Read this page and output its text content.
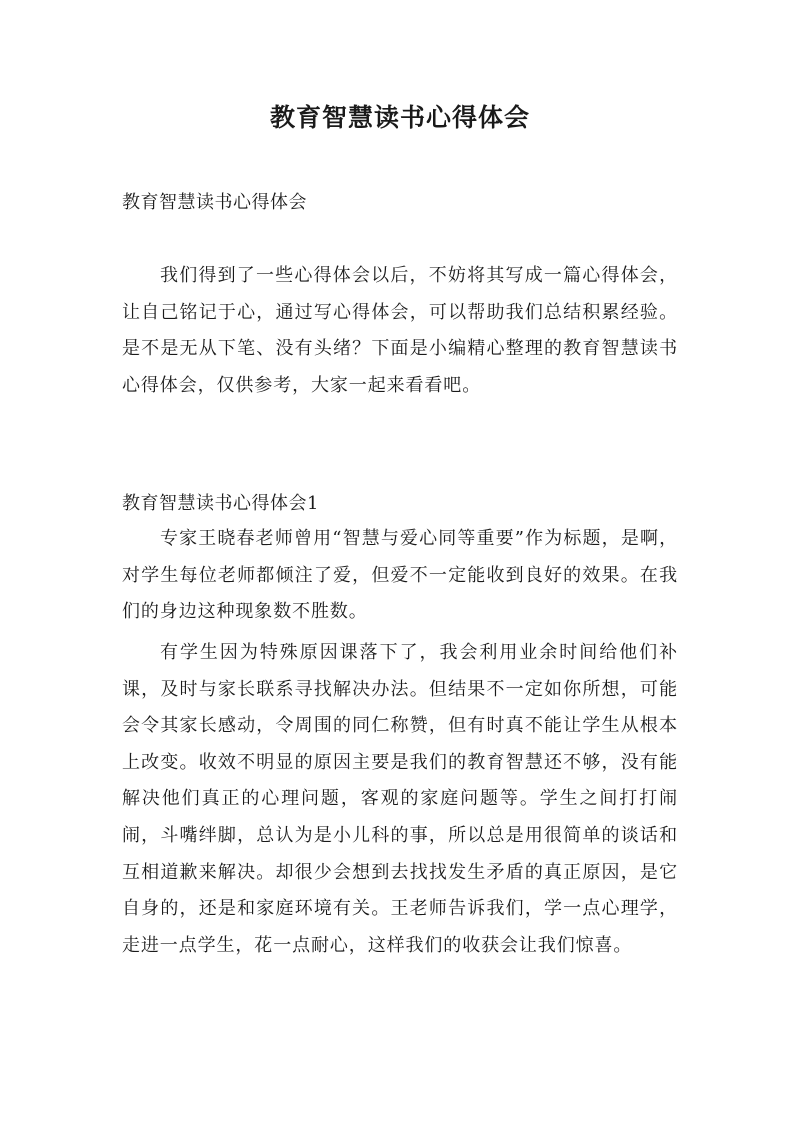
教育智慧读书心得体会
教育智慧读书心得体会
我们得到了一些心得体会以后，不妨将其写成一篇心得体会，让自己铭记于心，通过写心得体会，可以帮助我们总结积累经验。是不是无从下笔、没有头绪？下面是小编精心整理的教育智慧读书心得体会，仅供参考，大家一起来看看吧。
教育智慧读书心得体会1
专家王晓春老师曾用“智慧与爱心同等重要”作为标题，是啊，对学生每位老师都倾注了爱，但爱不一定能收到良好的效果。在我们的身边这种现象数不胜数。
有学生因为特殊原因课落下了，我会利用业余时间给他们补课，及时与家长联系寻找解决办法。但结果不一定如你所想，可能会令其家长感动，令周围的同仁称赞，但有时真不能让学生从根本上改变。收效不明显的原因主要是我们的教育智慧还不够，没有能解决他们真正的心理问题，客观的家庭问题等。学生之间打打闹闹，斗嘴绊脚，总认为是小儿科的事，所以总是用很简单的谈话和互相道歉来解决。却很少会想到去找找发生矛盾的真正原因，是它自身的，还是和家庭环境有关。王老师告诉我们，学一点心理学，走进一点学生，花一点耐心，这样我们的收获会让我们惊喜。
